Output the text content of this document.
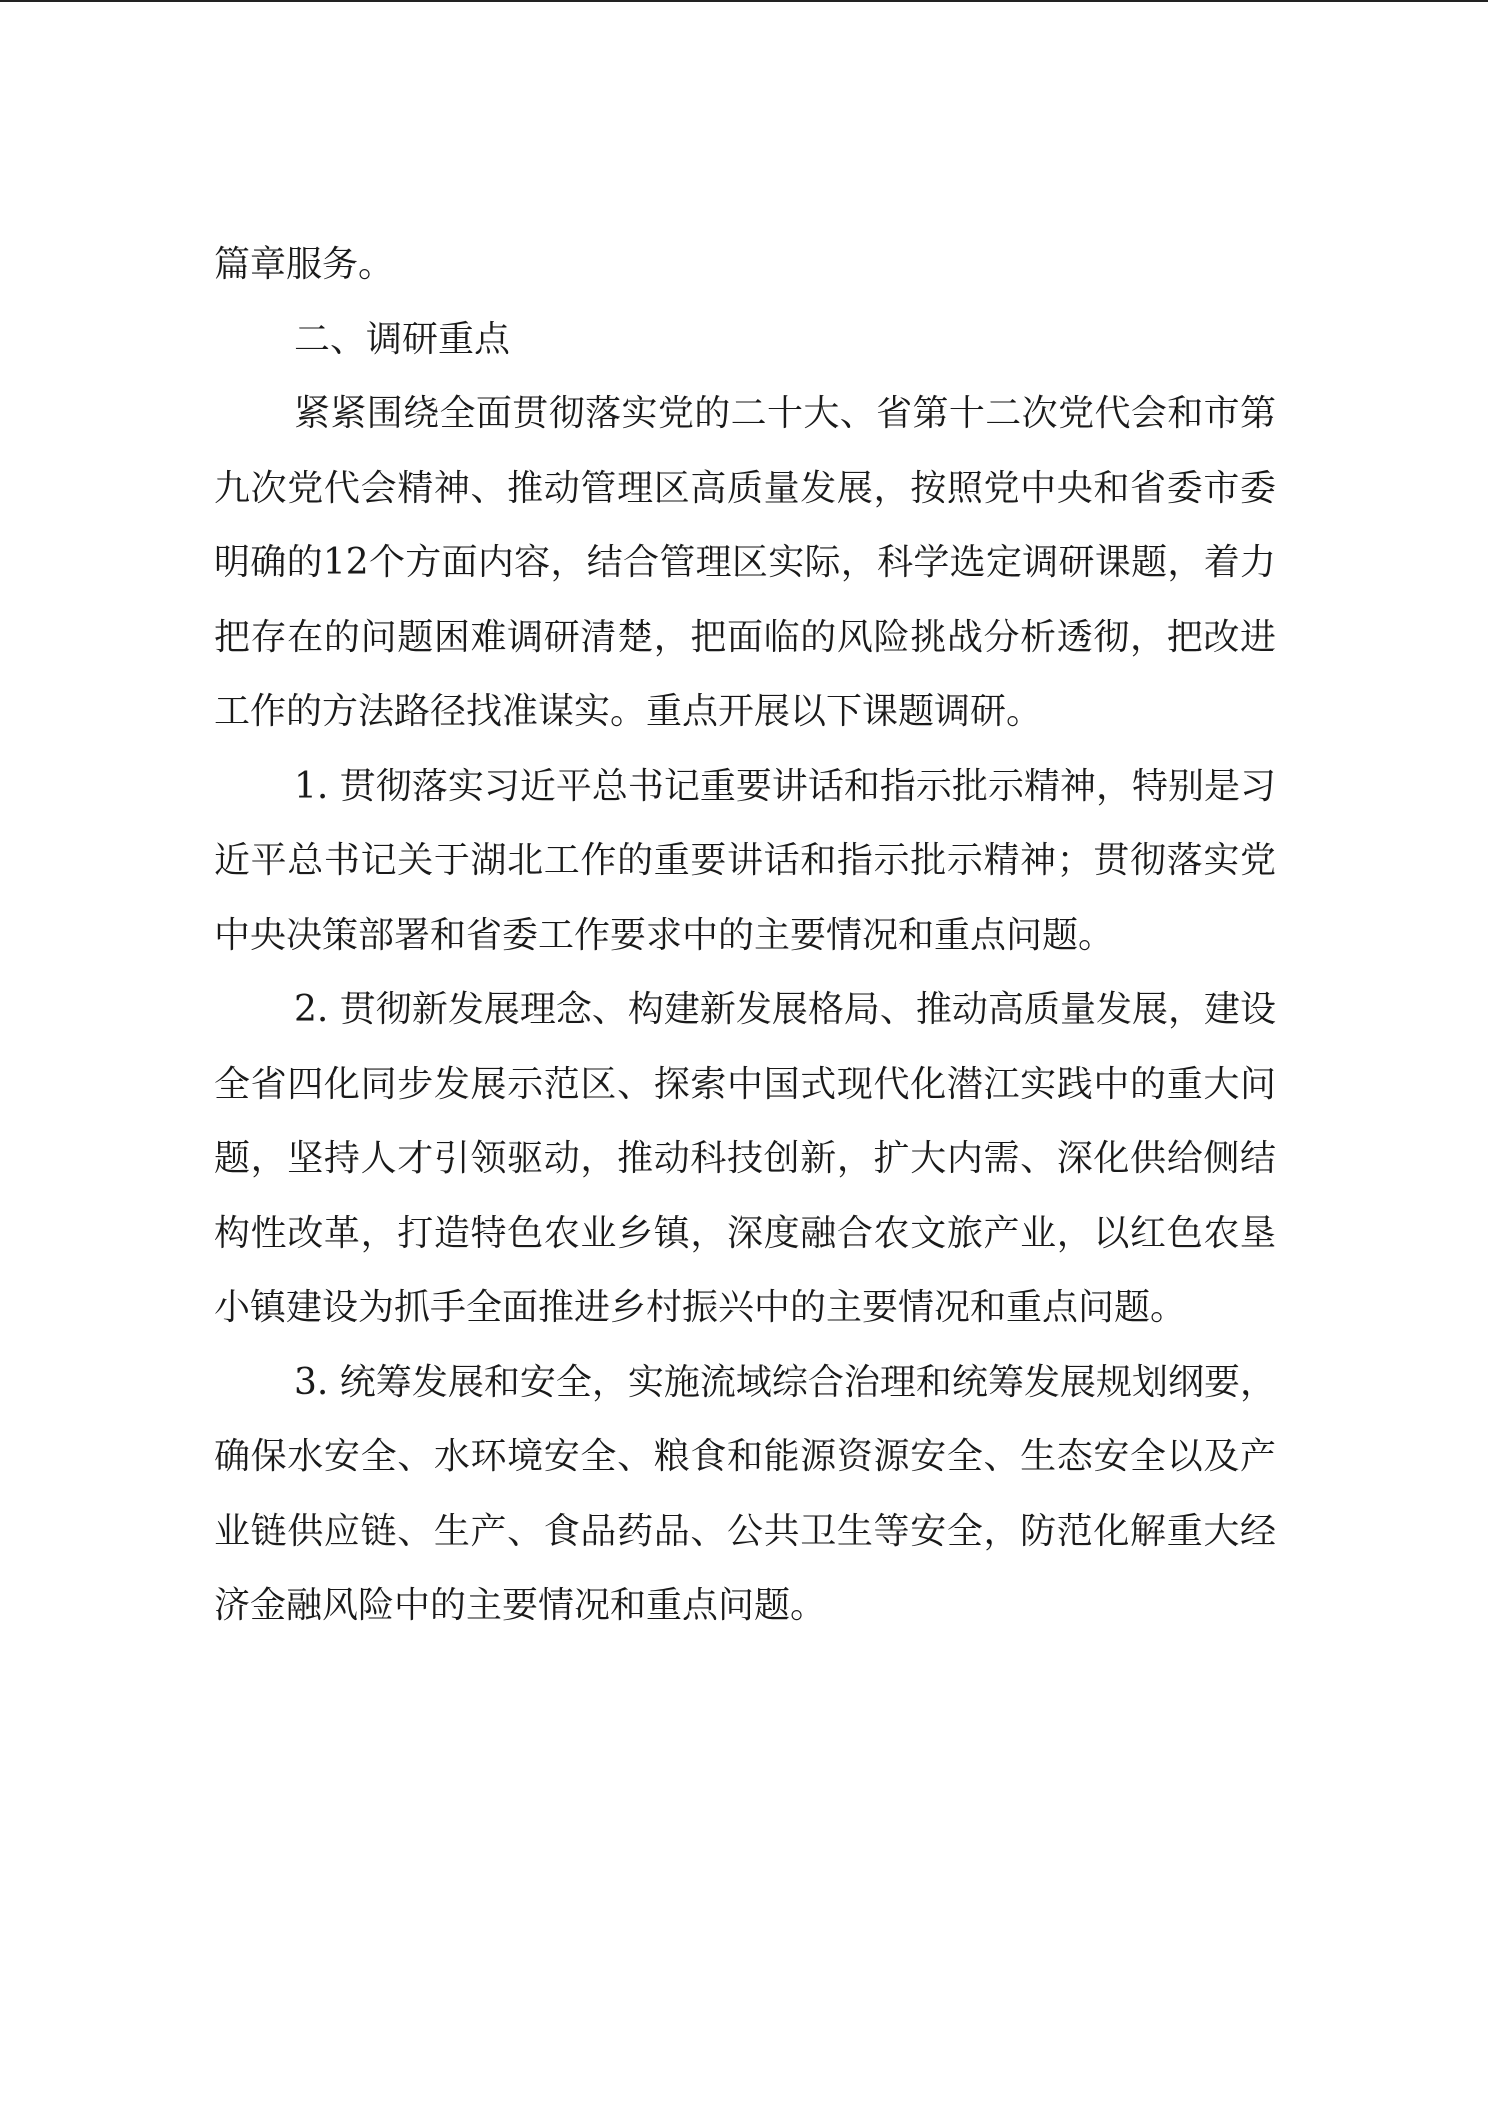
篇章服务。

二、调研重点

紧紧围绕全面贯彻落实党的二十大、省第十二次党代会和市第九次党代会精神、推动管理区高质量发展，按照党中央和省委市委明确的12个方面内容，结合管理区实际，科学选定调研课题，着力把存在的问题困难调研清楚，把面临的风险挑战分析透彻，把改进工作的方法路径找准谋实。重点开展以下课题调研。

1. 贯彻落实习近平总书记重要讲话和指示批示精神，特别是习近平总书记关于湖北工作的重要讲话和指示批示精神；贯彻落实党中央决策部署和省委工作要求中的主要情况和重点问题。

2. 贯彻新发展理念、构建新发展格局、推动高质量发展，建设全省四化同步发展示范区、探索中国式现代化潜江实践中的重大问题，坚持人才引领驱动，推动科技创新，扩大内需、深化供给侧结构性改革，打造特色农业乡镇，深度融合农文旅产业，以红色农垦小镇建设为抓手全面推进乡村振兴中的主要情况和重点问题。

3. 统筹发展和安全，实施流域综合治理和统筹发展规划纲要，确保水安全、水环境安全、粮食和能源资源安全、生态安全以及产业链供应链、生产、食品药品、公共卫生等安全，防范化解重大经济金融风险中的主要情况和重点问题。
